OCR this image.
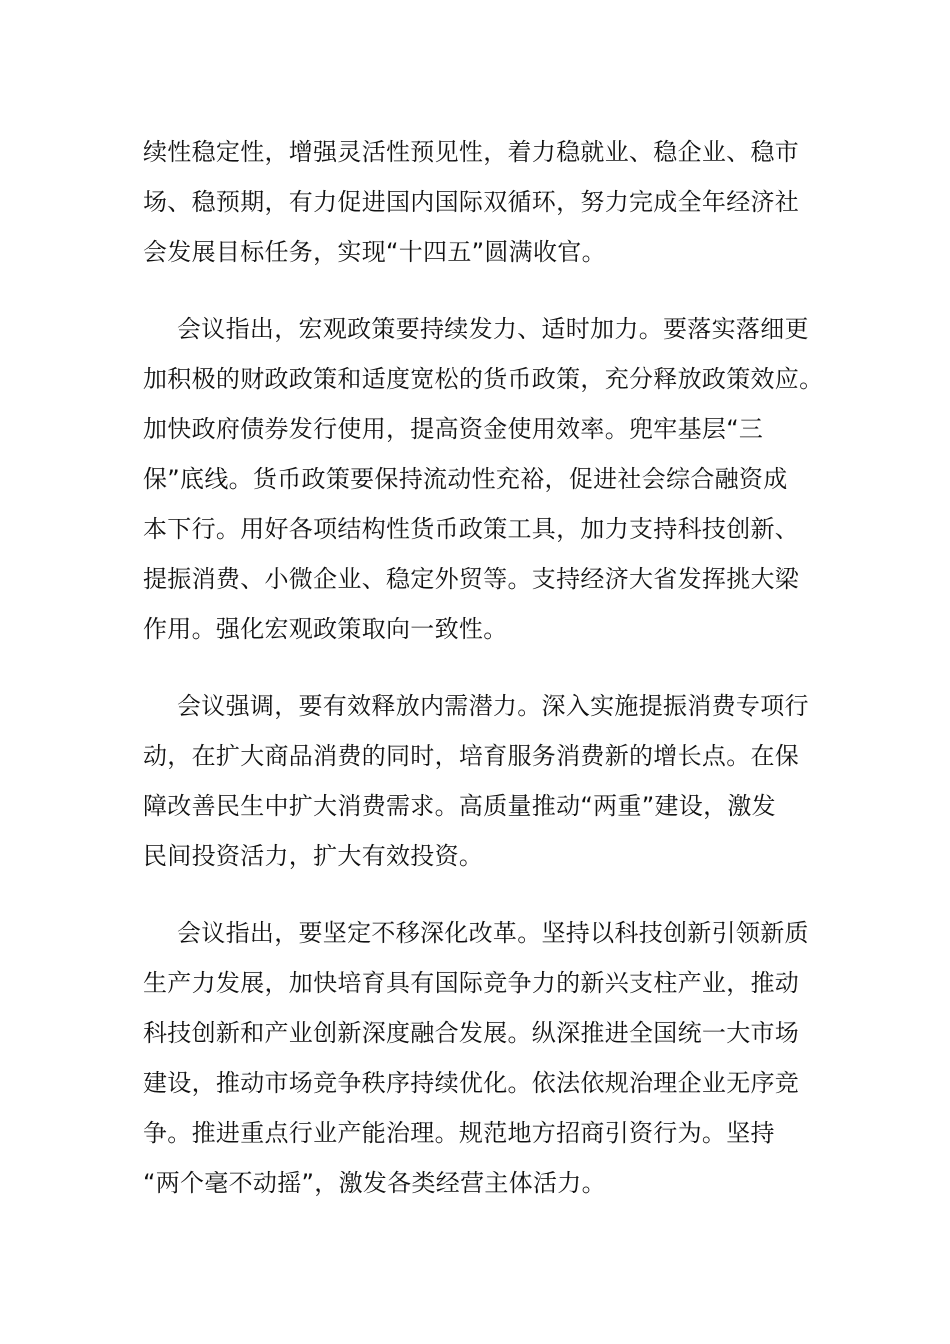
续性稳定性，增强灵活性预见性，着力稳就业、稳企业、稳市
场、稳预期，有力促进国内国际双循环，努力完成全年经济社
会发展目标任务，实现“十四五”圆满收官。
会议指出，宏观政策要持续发力、适时加力。要落实落细更
加积极的财政政策和适度宽松的货币政策，充分释放政策效应。
加快政府债券发行使用，提高资金使用效率。兜牢基层“三
保”底线。货币政策要保持流动性充裕，促进社会综合融资成
本下行。用好各项结构性货币政策工具，加力支持科技创新、
提振消费、小微企业、稳定外贸等。支持经济大省发挥挑大梁
作用。强化宏观政策取向一致性。
会议强调，要有效释放内需潜力。深入实施提振消费专项行
动，在扩大商品消费的同时，培育服务消费新的增长点。在保
障改善民生中扩大消费需求。高质量推动“两重”建设，激发
民间投资活力，扩大有效投资。
会议指出，要坚定不移深化改革。坚持以科技创新引领新质
生产力发展，加快培育具有国际竞争力的新兴支柱产业，推动
科技创新和产业创新深度融合发展。纵深推进全国统一大市场
建设，推动市场竞争秩序持续优化。依法依规治理企业无序竞
争。推进重点行业产能治理。规范地方招商引资行为。坚持
“两个毫不动摇”，激发各类经营主体活力。
